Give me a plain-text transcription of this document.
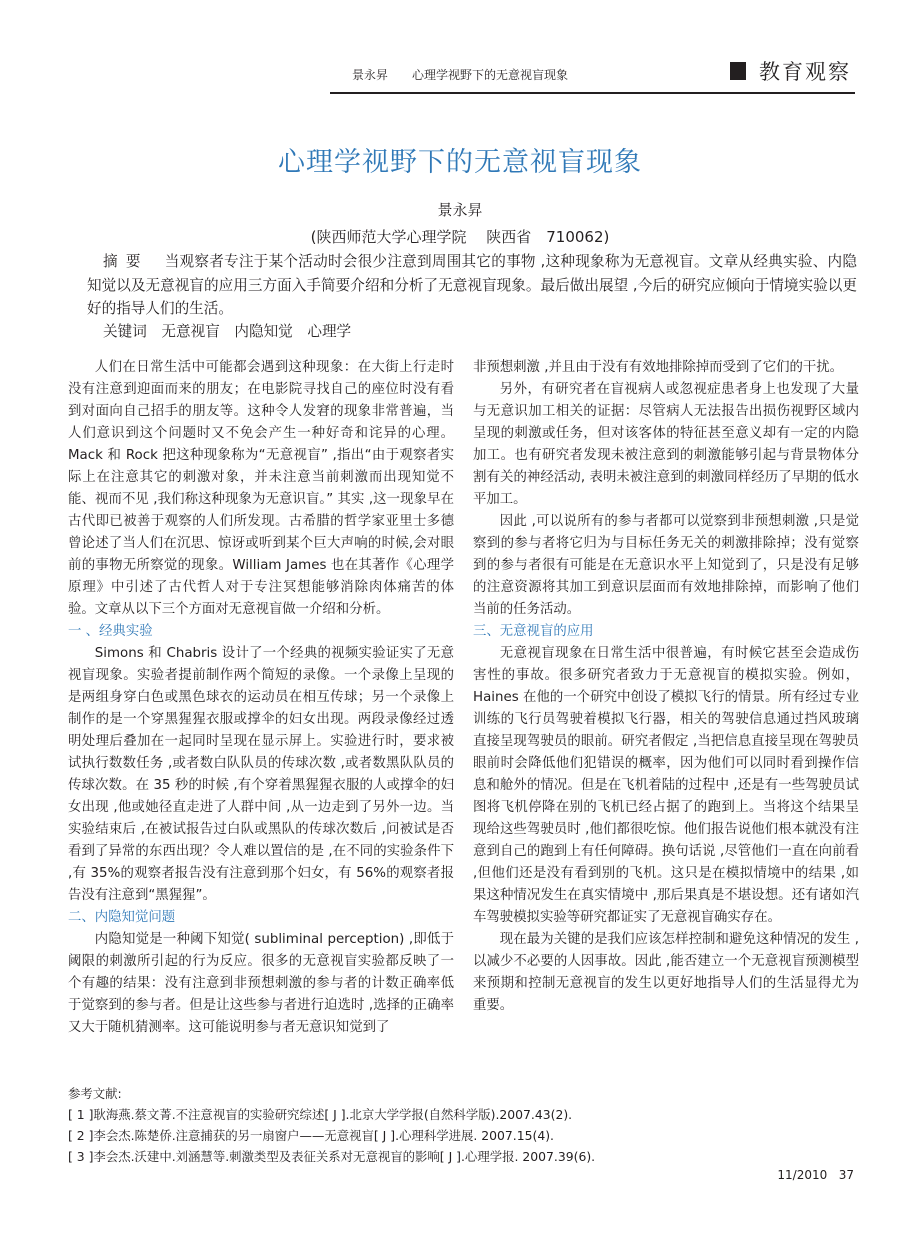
景永昇 心理学视野下的无意视盲现象	教育观察
心理学视野下的无意视盲现象
景永昇
(陕西师范大学心理学院　 陕西省　710062)
摘要 当观察者专注于某个活动时会很少注意到周围其它的事物 ,这种现象称为无意视盲。文章从经典实验、内隐知觉以及无意视盲的应用三方面入手简要介绍和分析了无意视盲现象。最后做出展望 ,今后的研究应倾向于情境实验以更好的指导人们的生活。
关键词　 无意视盲　内隐知觉　心理学

人们在日常生活中可能都会遇到这种现象：在大街上行走时没有注意到迎面而来的朋友；在电影院寻找自己的座位时没有看到对面向自己招手的朋友等。这种令人发窘的现象非常普遍，当人们意识到这个问题时又不免会产生一种好奇和诧异的心理。Mack 和 Rock 把这种现象称为“无意视盲” ,指出“由于观察者实际上在注意其它的刺激对象，并未注意当前刺激而出现知觉不能、视而不见 ,我们称这种现象为无意识盲。” 其实 ,这一现象早在古代即已被善于观察的人们所发现。古希腊的哲学家亚里士多德曾论述了当人们在沉思、惊讶或听到某个巨大声响的时候,会对眼前的事物无所察觉的现象。William James 也在其著作《心理学原理》中引述了古代哲人对于专注冥想能够消除肉体痛苦的体验。文章从以下三个方面对无意视盲做一介绍和分析。

一 、经典实验

Simons 和 Chabris 设计了一个经典的视频实验证实了无意视盲现象。实验者提前制作两个简短的录像。一个录像上呈现的是两组身穿白色或黑色球衣的运动员在相互传球；另一个录像上制作的是一个穿黑猩猩衣服或撑伞的妇女出现。两段录像经过透明处理后叠加在一起同时呈现在显示屏上。实验进行时，要求被试执行数数任务 ,或者数白队队员的传球次数 ,或者数黑队队员的传球次数。在 35 秒的时候 ,有个穿着黑猩猩衣服的人或撑伞的妇女出现 ,他或她径直走进了人群中间 ,从一边走到了另外一边。当实验结束后 ,在被试报告过白队或黑队的传球次数后 ,问被试是否看到了异常的东西出现？令人难以置信的是 ,在不同的实验条件下 ,有 35%的观察者报告没有注意到那个妇女，有 56%的观察者报告没有注意到“黑猩猩”。

二、内隐知觉问题

内隐知觉是一种阈下知觉( subliminal perception) ,即低于阈限的刺激所引起的行为反应。很多的无意视盲实验都反映了一个有趣的结果：没有注意到非预想刺激的参与者的计数正确率低于觉察到的参与者。但是让这些参与者进行迫选时 ,选择的正确率又大于随机猜测率。这可能说明参与者无意识知觉到了

非预想刺激 ,并且由于没有有效地排除掉而受到了它们的干扰。

另外，有研究者在盲视病人或忽视症患者身上也发现了大量与无意识加工相关的证据：尽管病人无法报告出损伤视野区域内呈现的刺激或任务，但对该客体的特征甚至意义却有一定的内隐加工。也有研究者发现未被注意到的刺激能够引起与背景物体分割有关的神经活动, 表明未被注意到的刺激同样经历了早期的低水平加工。

因此 ,可以说所有的参与者都可以觉察到非预想刺激 ,只是觉察到的参与者将它归为与目标任务无关的刺激排除掉；没有觉察到的参与者很有可能是在无意识水平上知觉到了，只是没有足够的注意资源将其加工到意识层面而有效地排除掉，而影响了他们当前的任务活动。

三、无意视盲的应用

无意视盲现象在日常生活中很普遍，有时候它甚至会造成伤害性的事故。很多研究者致力于无意视盲的模拟实验。例如，Haines 在他的一个研究中创设了模拟飞行的情景。所有经过专业训练的飞行员驾驶着模拟飞行器，相关的驾驶信息通过挡风玻璃直接呈现驾驶员的眼前。研究者假定 ,当把信息直接呈现在驾驶员眼前时会降低他们犯错误的概率，因为他们可以同时看到操作信息和舱外的情况。但是在飞机着陆的过程中 ,还是有一些驾驶员试图将飞机停降在别的飞机已经占据了的跑到上。当将这个结果呈现给这些驾驶员时 ,他们都很吃惊。他们报告说他们根本就没有注意到自己的跑到上有任何障碍。换句话说 ,尽管他们一直在向前看 ,但他们还是没有看到别的飞机。这只是在模拟情境中的结果 ,如果这种情况发生在真实情境中 ,那后果真是不堪设想。还有诸如汽车驾驶模拟实验等研究都证实了无意视盲确实存在。

现在最为关键的是我们应该怎样控制和避免这种情况的发生 ,以减少不必要的人因事故。因此 ,能否建立一个无意视盲预测模型来预期和控制无意视盲的发生以更好地指导人们的生活显得尤为重要。

参考文献:
[ 1 ]耿海燕.蔡文菁.不注意视盲的实验研究综述[ J ].北京大学学报(自然科学版).2007.43(2).
[ 2 ]李会杰.陈楚侨.注意捕获的另一扇窗户——无意视盲[ J ].心理科学进展. 2007.15(4).
[ 3 ]李会杰.沃建中.刘涵慧等.刺激类型及表征关系对无意视盲的影响[ J ].心理学报. 2007.39(6).
11/2010 37
